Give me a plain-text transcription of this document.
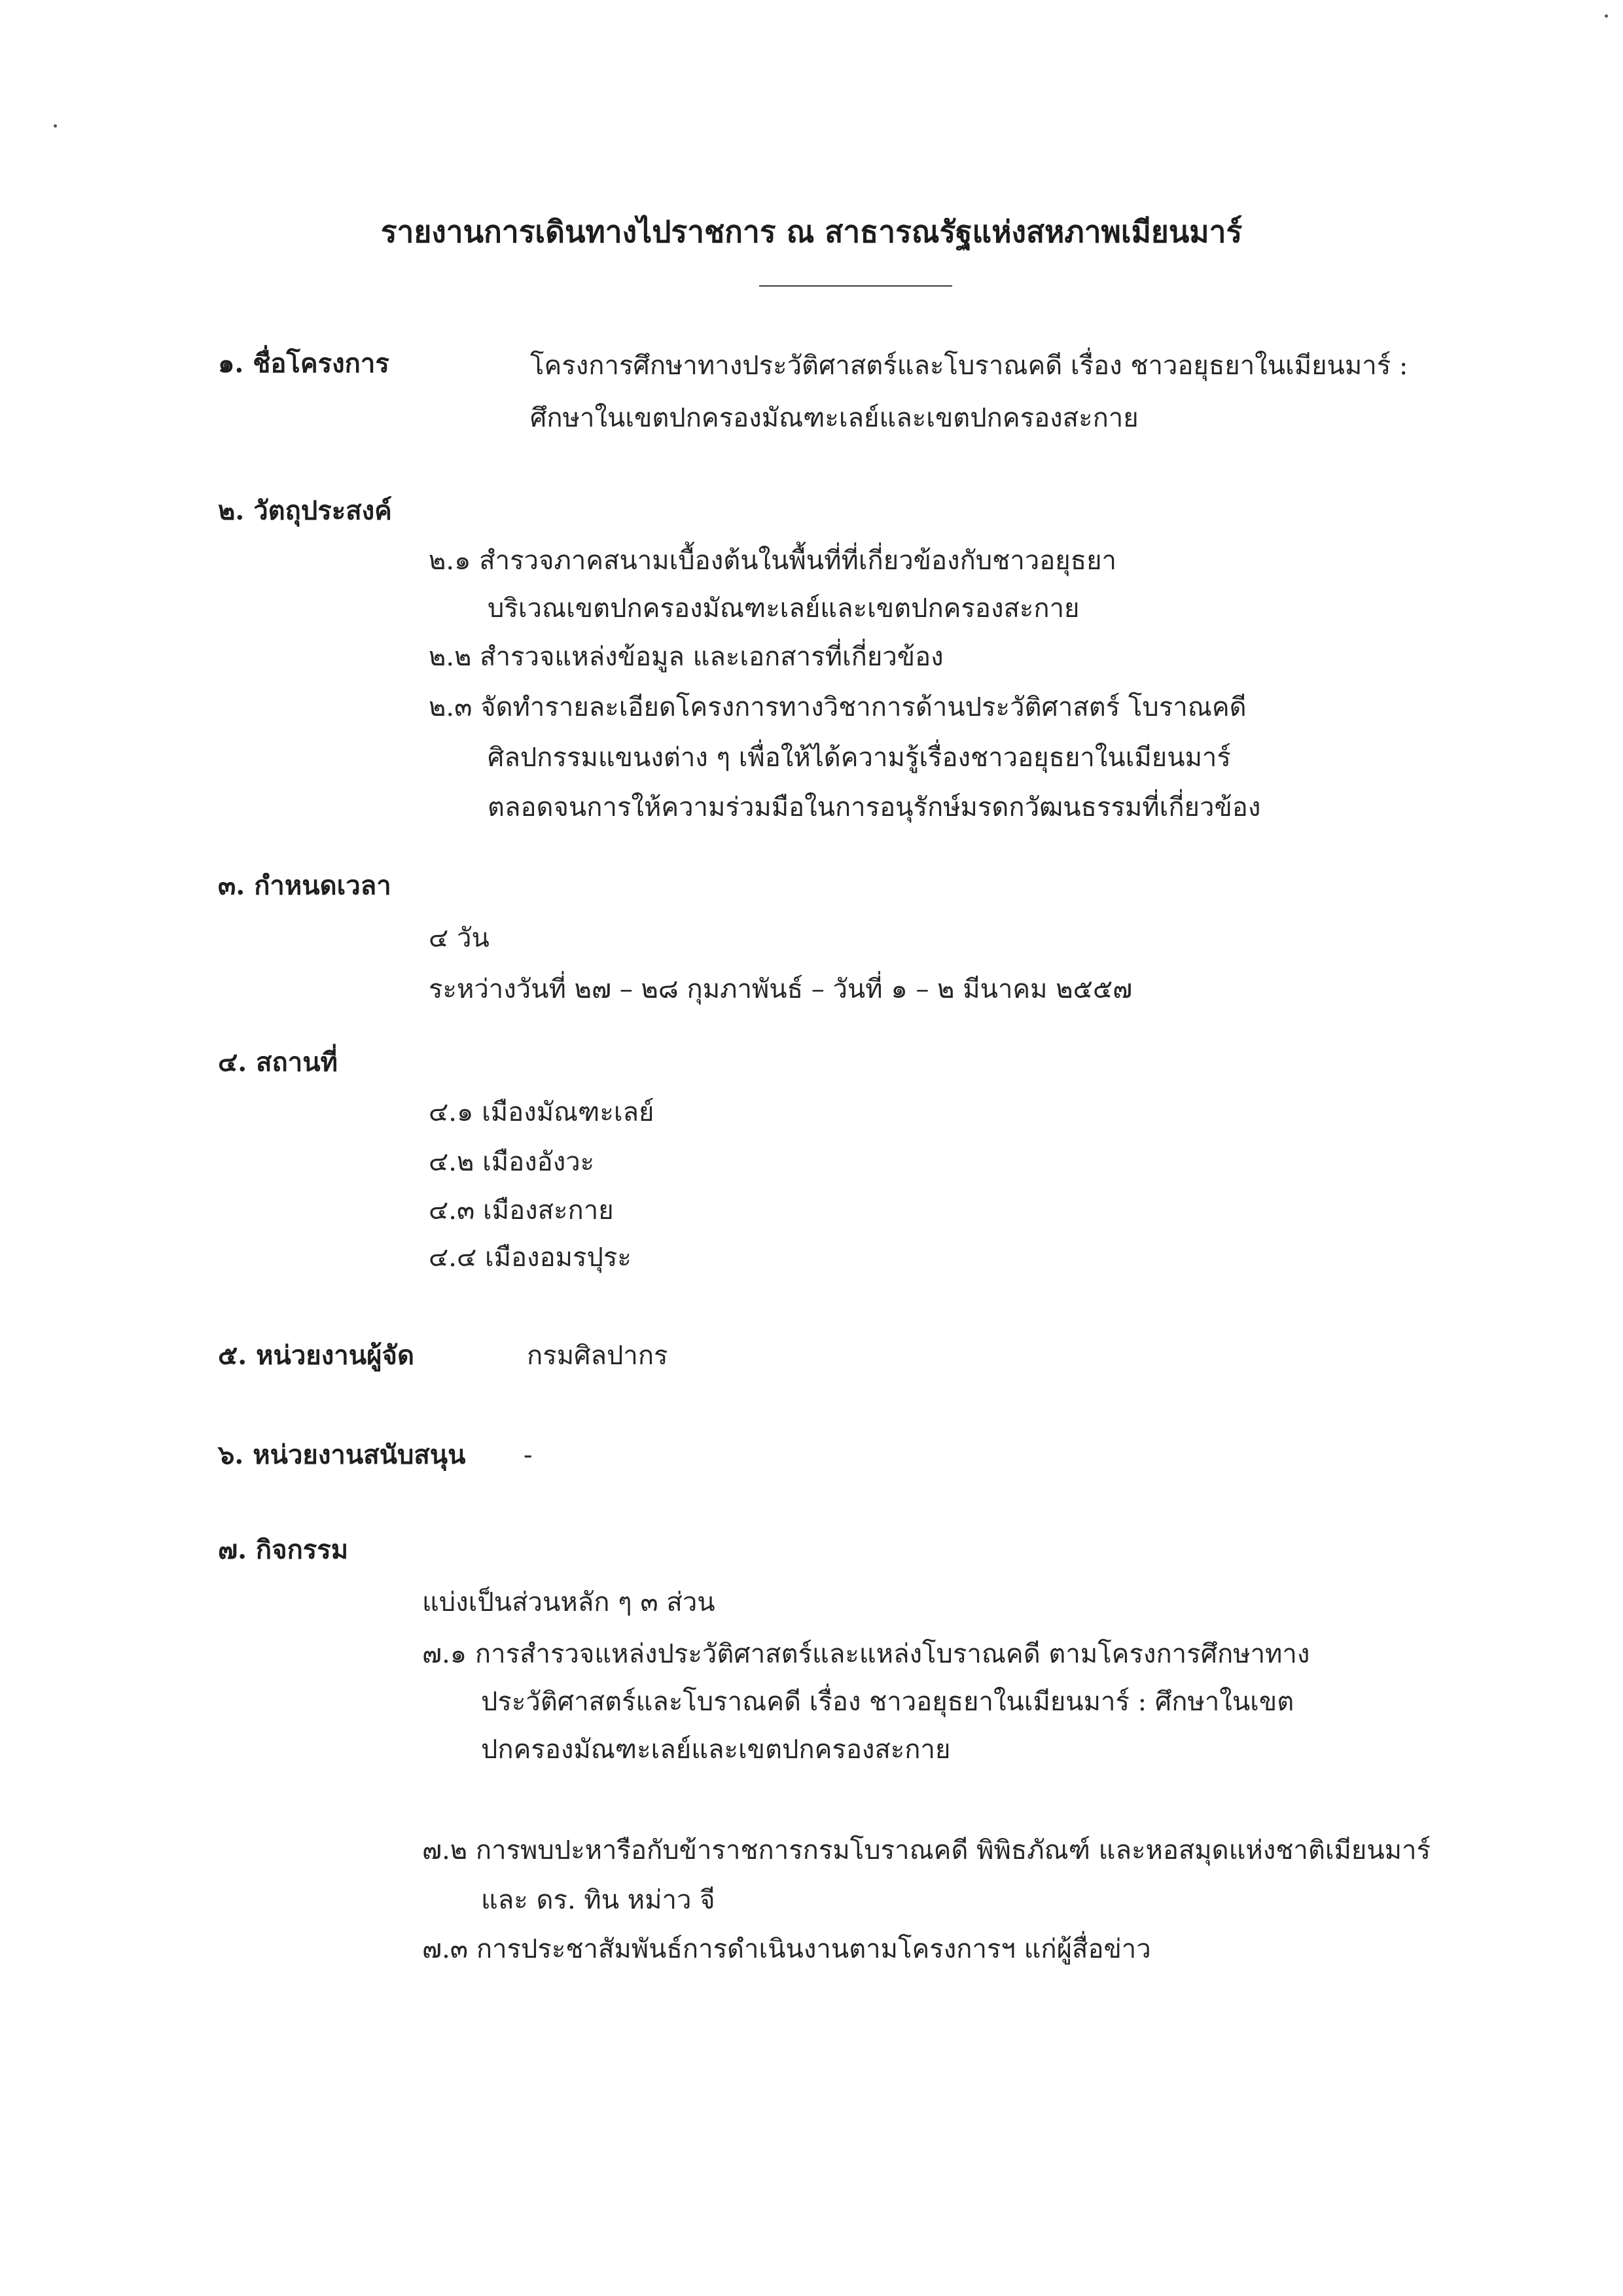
รายงานการเดินทางไปราชการ ณ สาธารณรัฐแห่งสหภาพเมียนมาร์
๑. ชื่อโครงการ	โครงการศึกษาทางประวัติศาสตร์และโบราณคดี เรื่อง ชาวอยุธยาในเมียนมาร์ :
ศึกษาในเขตปกครองมัณฑะเลย์และเขตปกครองสะกาย
๒. วัตถุประสงค์
๒.๑ สำรวจภาคสนามเบื้องต้นในพื้นที่ที่เกี่ยวข้องกับชาวอยุธยา
บริเวณเขตปกครองมัณฑะเลย์และเขตปกครองสะกาย
๒.๒ สำรวจแหล่งข้อมูล และเอกสารที่เกี่ยวข้อง
๒.๓ จัดทำรายละเอียดโครงการทางวิชาการด้านประวัติศาสตร์ โบราณคดี
ศิลปกรรมแขนงต่าง ๆ เพื่อให้ได้ความรู้เรื่องชาวอยุธยาในเมียนมาร์
ตลอดจนการให้ความร่วมมือในการอนุรักษ์มรดกวัฒนธรรมที่เกี่ยวข้อง
๓. กำหนดเวลา
๔ วัน
ระหว่างวันที่ ๒๗ – ๒๘ กุมภาพันธ์ – วันที่ ๑ – ๒ มีนาคม ๒๕๕๗
๔. สถานที่
๔.๑ เมืองมัณฑะเลย์
๔.๒ เมืองอังวะ
๔.๓ เมืองสะกาย
๔.๔ เมืองอมรปุระ
๕. หน่วยงานผู้จัด	กรมศิลปากร
๖. หน่วยงานสนับสนุน -
๗. กิจกรรม
แบ่งเป็นส่วนหลัก ๆ ๓ ส่วน
๗.๑ การสำรวจแหล่งประวัติศาสตร์และแหล่งโบราณคดี ตามโครงการศึกษาทาง
ประวัติศาสตร์และโบราณคดี เรื่อง ชาวอยุธยาในเมียนมาร์ : ศึกษาในเขต
ปกครองมัณฑะเลย์และเขตปกครองสะกาย
๗.๒ การพบปะหารือกับข้าราชการกรมโบราณคดี พิพิธภัณฑ์ และหอสมุดแห่งชาติเมียนมาร์
และ ดร. ทิน หม่าว จี
๗.๓ การประชาสัมพันธ์การดำเนินงานตามโครงการฯ แก่ผู้สื่อข่าว
